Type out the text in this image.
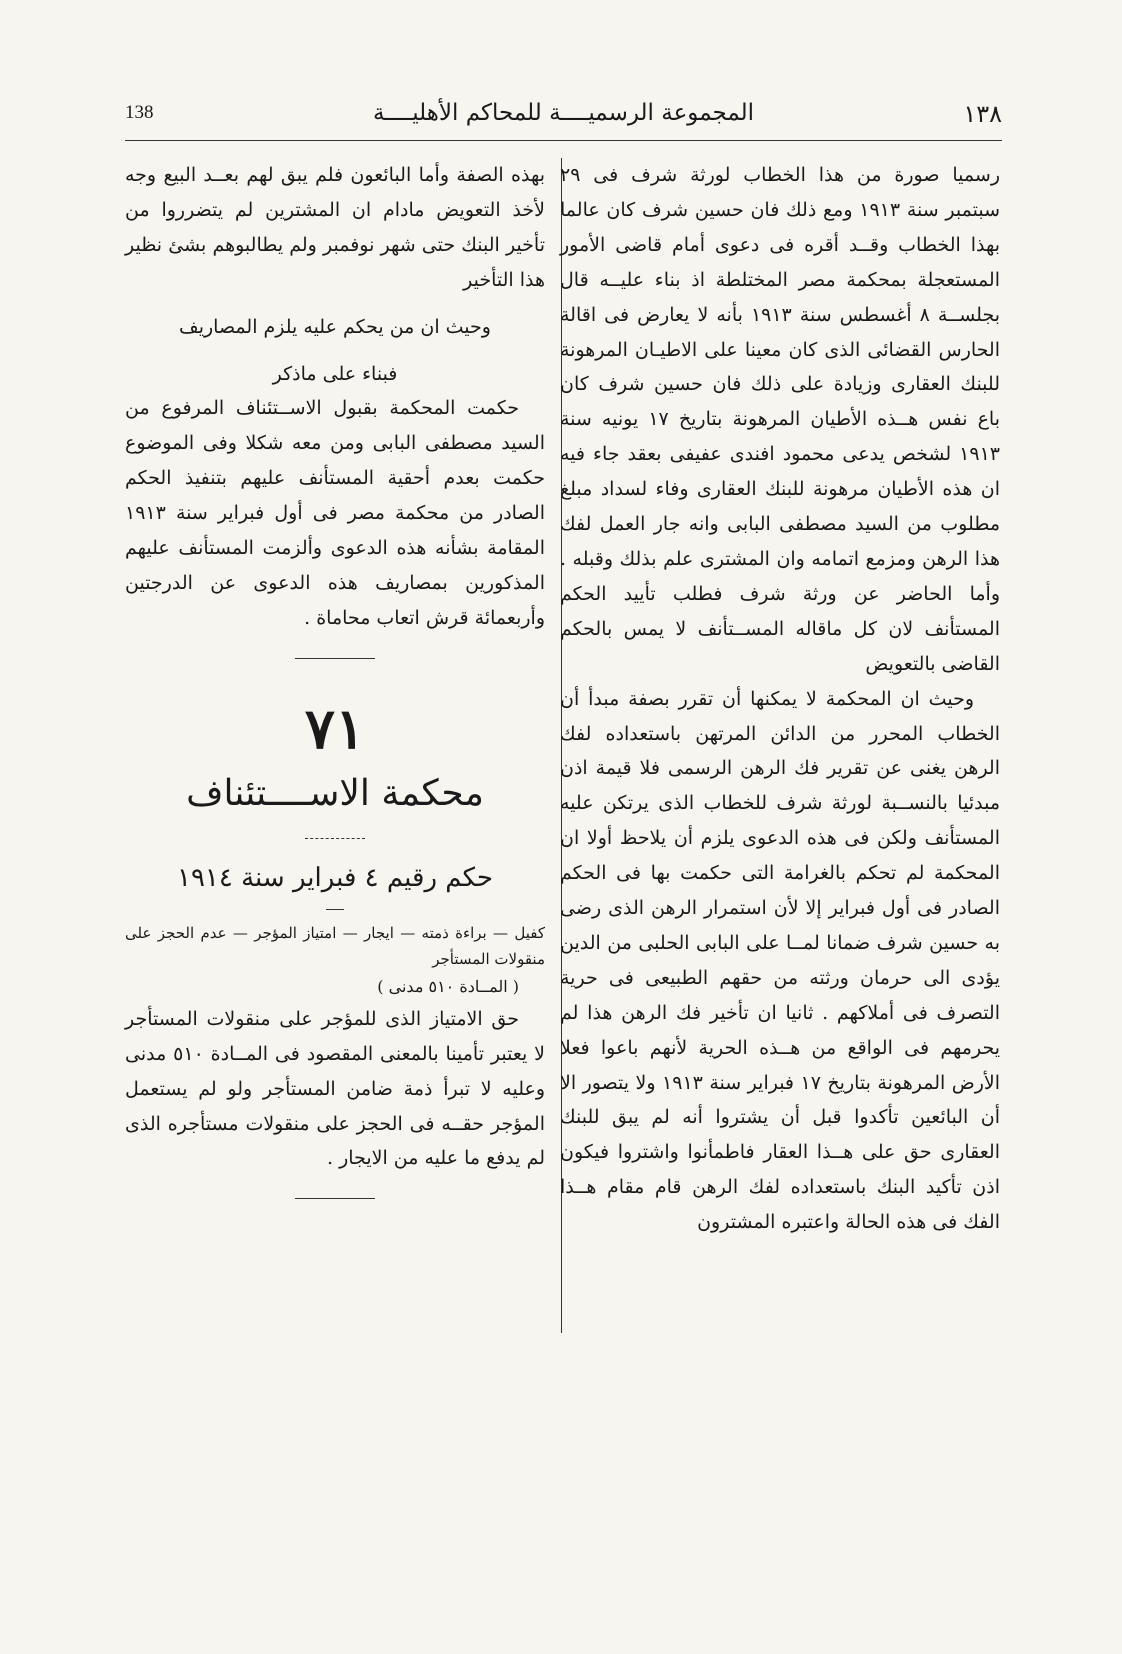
١٣٨
المجموعة الرسميــــة للمحاكم الأهليــــة
138

رسميا صورة من هذا الخطاب لورثة شرف فى ٢٩ سبتمبر سنة ١٩١٣ ومع ذلك فان حسين شرف كان عالما بهذا الخطاب وقــد أقره فى دعوى أمام قاضى الأمور المستعجلة بمحكمة مصر المختلطة اذ بناء عليــه قال بجلســة ٨ أغسطس سنة ١٩١٣ بأنه لا يعارض فى اقالة الحارس القضائى الذى كان معينا على الاطيـان المرهونة للبنك العقارى وزيادة على ذلك فان حسين شرف كان باع نفس هــذه الأطيان المرهونة بتاريخ ١٧ يونيه سنة ١٩١٣ لشخص يدعى محمود افندى عفيفى بعقد جاء فيه ان هذه الأطيان مرهونة للبنك العقارى وفاء لسداد مبلغ مطلوب من السيد مصطفى البابى وانه جار العمل لفك هذا الرهن ومزمع اتمامه وان المشترى علم بذلك وقبله . وأما الحاضر عن ورثة شرف فطلب تأييد الحكم المستأنف لان كل ماقاله المســتأنف لا يمس بالحكم القاضى بالتعويض

وحيث ان المحكمة لا يمكنها أن تقرر بصفة مبدأ أن الخطاب المحرر من الدائن المرتهن باستعداده لفك الرهن يغنى عن تقرير فك الرهن الرسمى فلا قيمة اذن مبدئيا بالنســبة لورثة شرف للخطاب الذى يرتكن عليه المستأنف ولكن فى هذه الدعوى يلزم أن يلاحظ أولا ان المحكمة لم تحكم بالغرامة التى حكمت بها فى الحكم الصادر فى أول فبراير إلا لأن استمرار الرهن الذى رضى به حسين شرف ضمانا لمــا على البابى الحلبى من الدين يؤدى الى حرمان ورثته من حقهم الطبيعى فى حرية التصرف فى أملاكهم . ثانيا ان تأخير فك الرهن هذا لم يحرمهم فى الواقع من هــذه الحرية لأنهم باعوا فعلا الأرض المرهونة بتاريخ ١٧ فبراير سنة ١٩١٣ ولا يتصور الا أن البائعين تأكدوا قبل أن يشتروا أنه لم يبق للبنك العقارى حق على هــذا العقار فاطمأنوا واشتروا فيكون اذن تأكيد البنك باستعداده لفك الرهن قام مقام هــذا الفك فى هذه الحالة واعتبره المشترون

بهذه الصفة وأما البائعون فلم يبق لهم بعــد البيع وجه لأخذ التعويض مادام ان المشترين لم يتضرروا من تأخير البنك حتى شهر نوفمبر ولم يطالبوهم بشئ نظير هذا التأخير

وحيث ان من يحكم عليه يلزم المصاريف

فبناء على ماذكر

حكمت المحكمة بقبول الاســتئناف المرفوع من السيد مصطفى البابى ومن معه شكلا وفى الموضوع حكمت بعدم أحقية المستأنف عليهم بتنفيذ الحكم الصادر من محكمة مصر فى أول فبراير سنة ١٩١٣ المقامة بشأنه هذه الدعوى وألزمت المستأنف عليهم المذكورين بمصاريف هذه الدعوى عن الدرجتين وأربعمائة قرش اتعاب محاماة .

٧١
محكمة الاســــتئناف
حكم رقيم ٤ فبراير سنة ١٩١٤

كفيل — براءة ذمته — ايجار — امتياز المؤجر — عدم الحجز على منقولات المستأجر

( المــادة ٥١٠ مدنى )

حق الامتياز الذى للمؤجر على منقولات المستأجر لا يعتبر تأمينا بالمعنى المقصود فى المــادة ٥١٠ مدنى وعليه لا تبرأ ذمة ضامن المستأجر ولو لم يستعمل المؤجر حقــه فى الحجز على منقولات مستأجره الذى لم يدفع ما عليه من الايجار .
